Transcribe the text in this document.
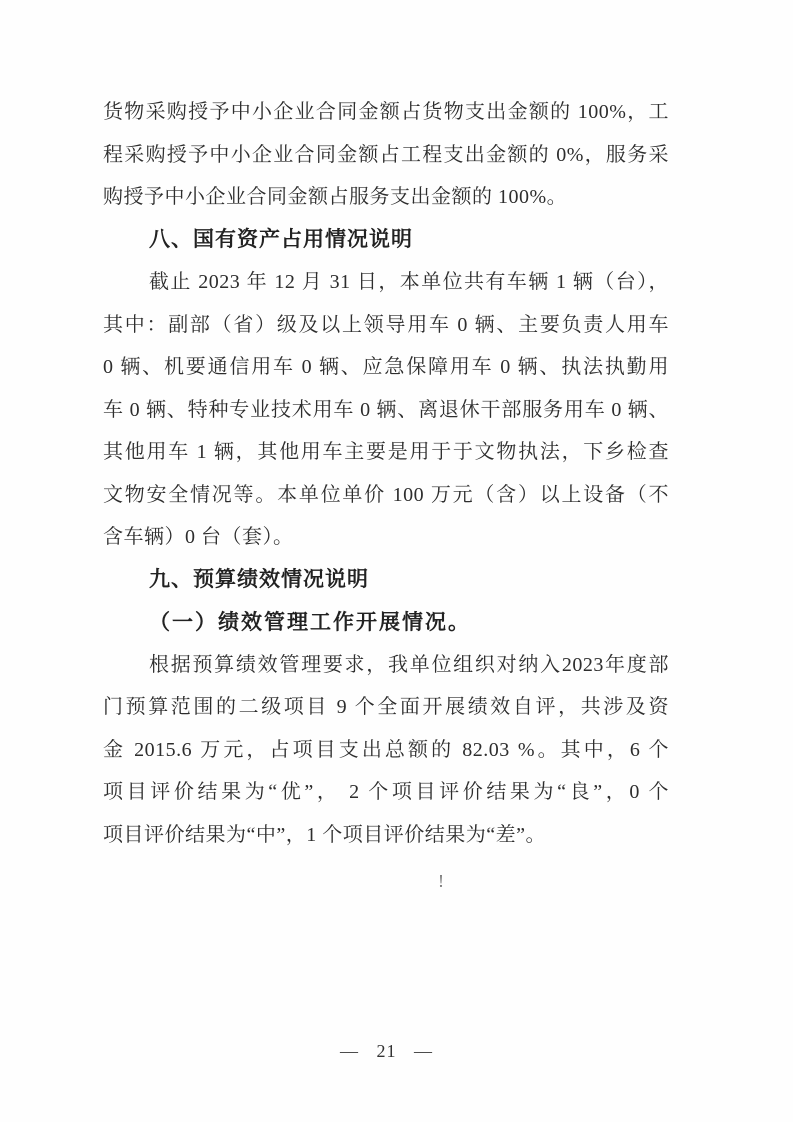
货物采购授予中小企业合同金额占货物支出金额的 100%，工
程采购授予中小企业合同金额占工程支出金额的 0%，服务采
购授予中小企业合同金额占服务支出金额的 100%。
八、国有资产占用情况说明
截止 2023 年 12 月 31 日，本单位共有车辆 1 辆（台），
其中：副部（省）级及以上领导用车 0 辆、主要负责人用车
0 辆、机要通信用车 0 辆、应急保障用车 0 辆、执法执勤用
车 0 辆、特种专业技术用车 0 辆、离退休干部服务用车 0 辆、
其他用车 1 辆，其他用车主要是用于于文物执法，下乡检查
文物安全情况等。本单位单价 100 万元（含）以上设备（不
含车辆）0 台（套）。
九、预算绩效情况说明
（一）绩效管理工作开展情况。
根据预算绩效管理要求，我单位组织对纳入2023年度部
门预算范围的二级项目 9 个全面开展绩效自评，共涉及资
金 2015.6 万元，占项目支出总额的 82.03 %。其中，6 个
项目评价结果为“优”， 2 个项目评价结果为“良”，0 个
项目评价结果为“中”，1 个项目评价结果为“差”。
!
— 21 —
